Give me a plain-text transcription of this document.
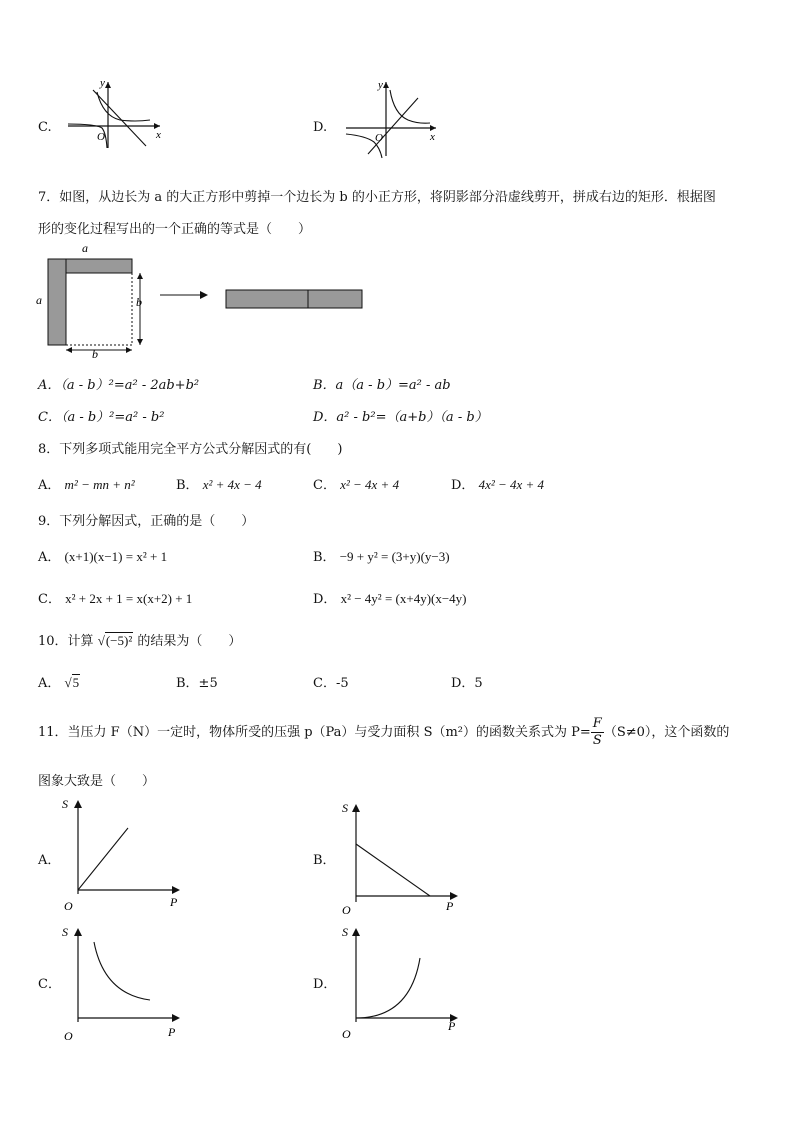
C.
y
x
O
D.
y
x
O
7．如图，从边长为 a 的大正方形中剪掉一个边长为 b 的小正方形，将阴影部分沿虚线剪开，拼成右边的矩形．根据图
形的变化过程写出的一个正确的等式是（　　）
a
a	b
b
A．（a - b）²=a² - 2ab+b²	B．a（a - b）=a² - ab
C．（a - b）²=a² - b²	D．a² - b²=（a+b）（a - b）
8．下列多项式能用完全平方公式分解因式的有(　　)
A． m² − mn + n²	B． x² + 4x − 4	C． x² − 4x + 4	D． 4x² − 4x + 4
9．下列分解因式，正确的是（　　）
A． (x+1)(x−1) = x² + 1	B． −9 + y² = (3+y)(y−3)
C． x² + 2x + 1 = x(x+2) + 1	D． x² − 4y² = (x+4y)(x−4y)
10．计算 √(−5)² 的结果为（　　）
A． √5	B．±5	C．-5	D．5
11．当压力 F（N）一定时，物体所受的压强 p（Pa）与受力面积 S（m²）的函数关系式为 $P= \frac{F}{S} (S\ne 0)$，这个函数的
图象大致是（　　）
A．
S
P
O
B．
S
P
O
C．
S
P
O
D．
S
P
O
